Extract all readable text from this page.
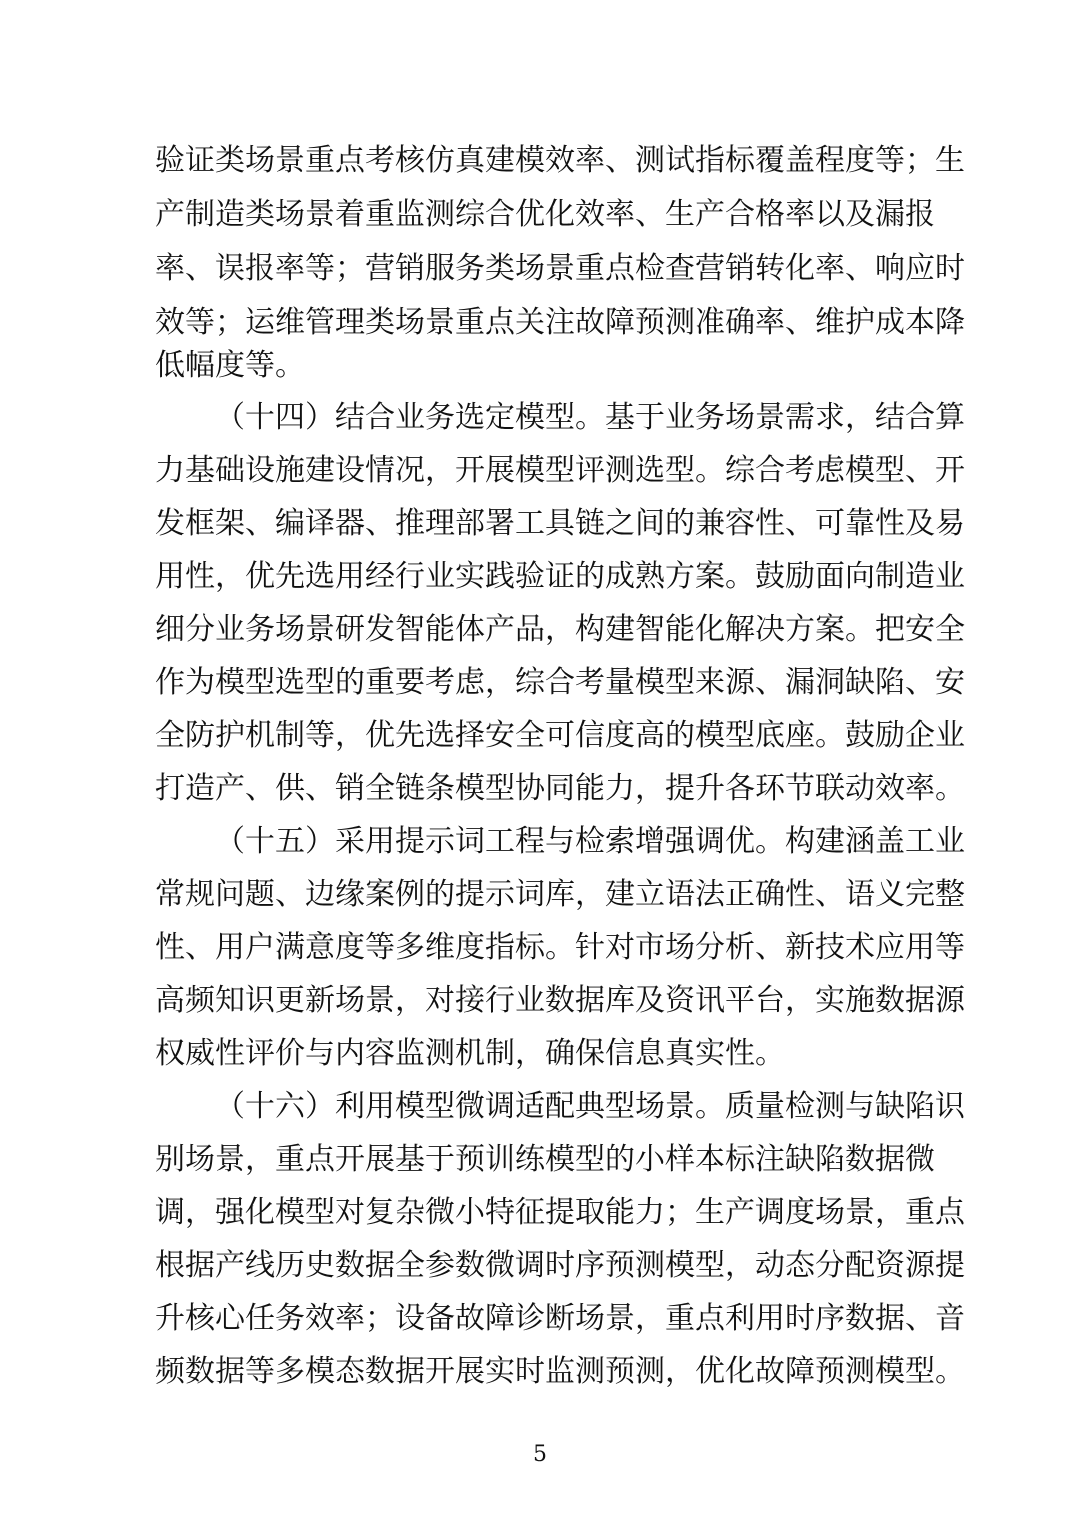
验证类场景重点考核仿真建模效率、测试指标覆盖程度等；生
产制造类场景着重监测综合优化效率、生产合格率以及漏报
率、误报率等；营销服务类场景重点检查营销转化率、响应时
效等；运维管理类场景重点关注故障预测准确率、维护成本降
低幅度等。
（十四）结合业务选定模型。基于业务场景需求，结合算
力基础设施建设情况，开展模型评测选型。综合考虑模型、开
发框架、编译器、推理部署工具链之间的兼容性、可靠性及易
用性，优先选用经行业实践验证的成熟方案。鼓励面向制造业
细分业务场景研发智能体产品，构建智能化解决方案。把安全
作为模型选型的重要考虑，综合考量模型来源、漏洞缺陷、安
全防护机制等，优先选择安全可信度高的模型底座。鼓励企业
打造产、供、销全链条模型协同能力，提升各环节联动效率。
（十五）采用提示词工程与检索增强调优。构建涵盖工业
常规问题、边缘案例的提示词库，建立语法正确性、语义完整
性、用户满意度等多维度指标。针对市场分析、新技术应用等
高频知识更新场景，对接行业数据库及资讯平台，实施数据源
权威性评价与内容监测机制，确保信息真实性。
（十六）利用模型微调适配典型场景。质量检测与缺陷识
别场景，重点开展基于预训练模型的小样本标注缺陷数据微
调，强化模型对复杂微小特征提取能力；生产调度场景，重点
根据产线历史数据全参数微调时序预测模型，动态分配资源提
升核心任务效率；设备故障诊断场景，重点利用时序数据、音
频数据等多模态数据开展实时监测预测，优化故障预测模型。
5
